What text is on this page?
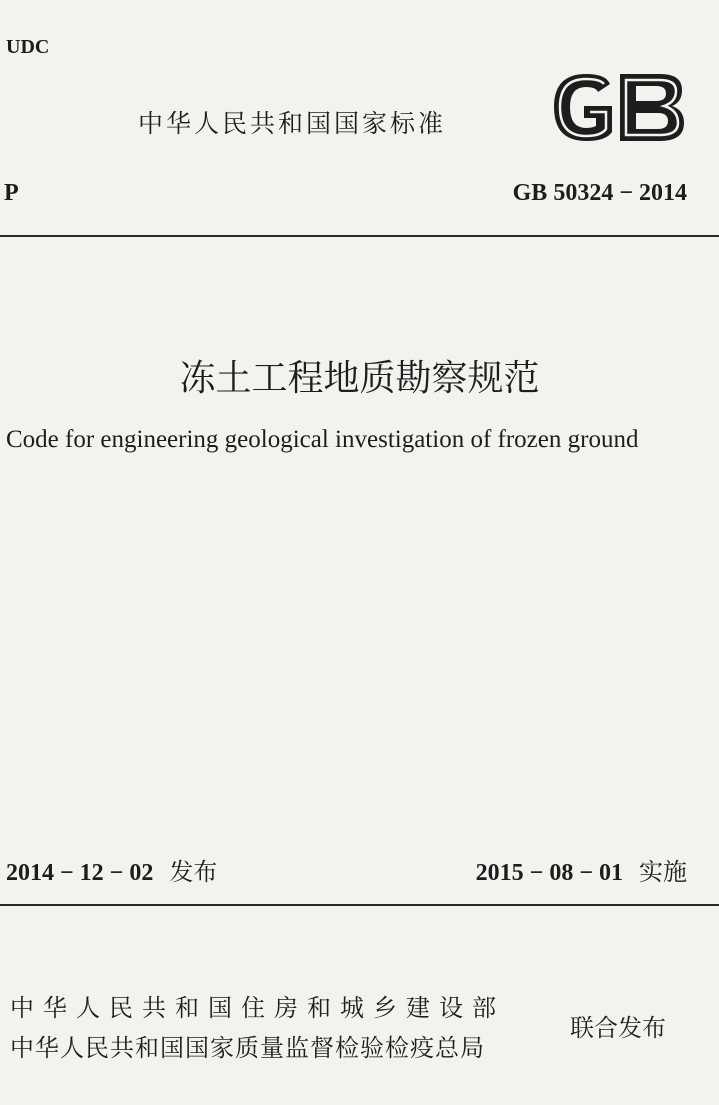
UDC
中华人民共和国国家标准
P	GB 50324 − 2014
冻土工程地质勘察规范
Code for engineering geological investigation of frozen ground
2014 − 12 − 02 发布	2015 − 08 − 01 实施
中华人民共和国住房和城乡建设部
中华人民共和国国家质量监督检验检疫总局
联合发布
